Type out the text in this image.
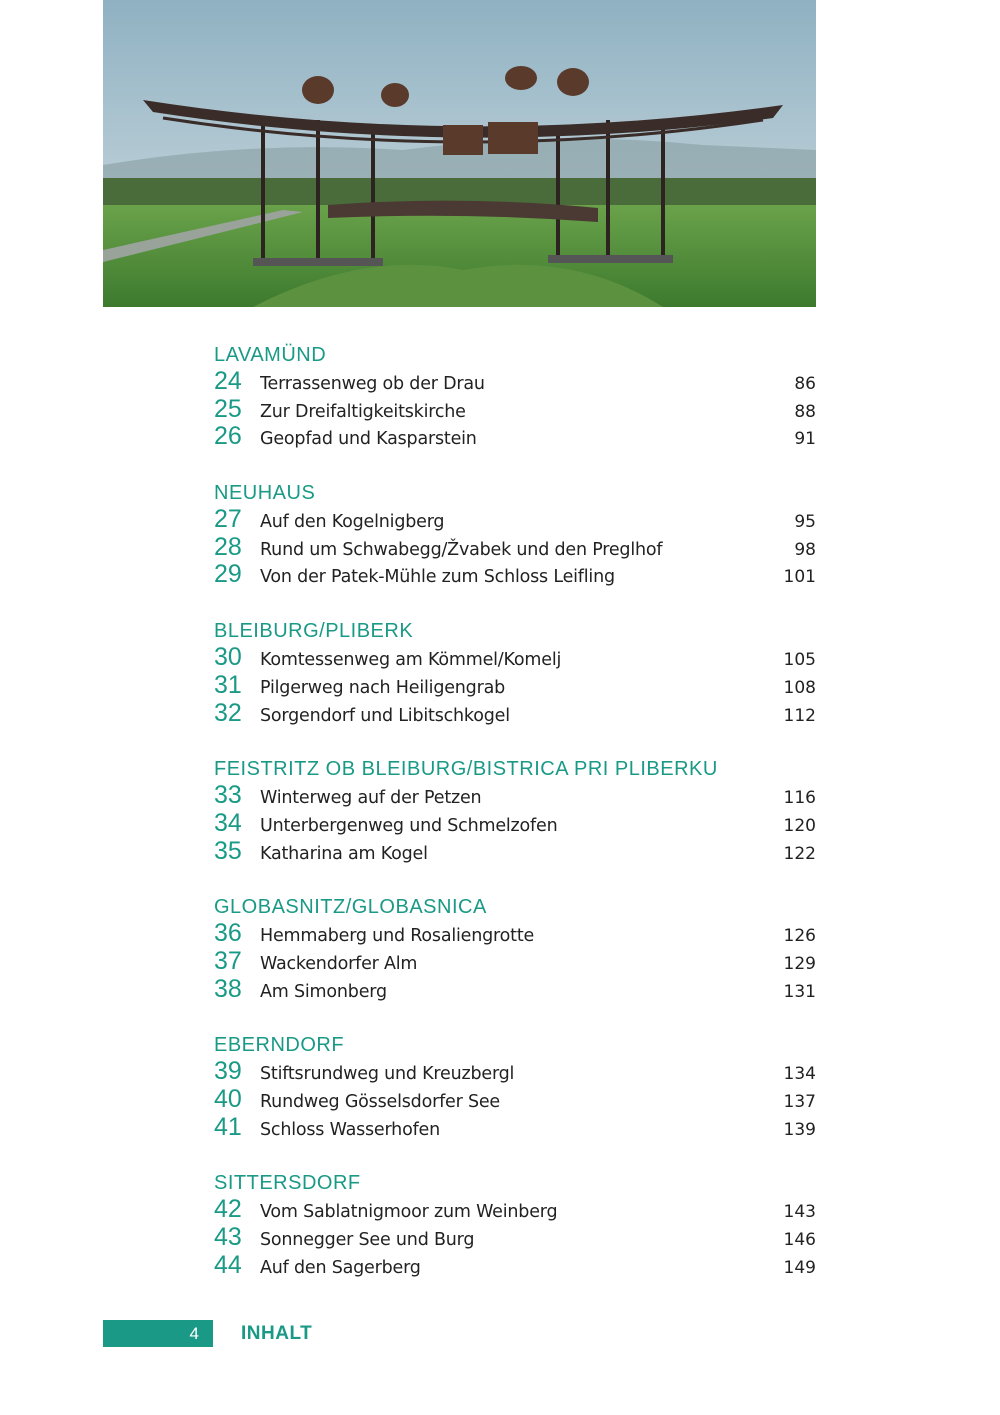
LAVAMÜND
24	Terrassenweg ob der Drau	86
25	Zur Dreifaltigkeitskirche	88
26	Geopfad und Kasparstein	91
NEUHAUS
27	Auf den Kogelnigberg	95
28	Rund um Schwabegg/Žvabek und den Preglhof	98
29	Von der Patek-Mühle zum Schloss Leifling	101
BLEIBURG/PLIBERK
30	Komtessenweg am Kömmel/Komelj	105
31	Pilgerweg nach Heiligengrab	108
32	Sorgendorf und Libitschkogel	112
FEISTRITZ OB BLEIBURG/BISTRICA PRI PLIBERKU
33	Winterweg auf der Petzen	116
34	Unterbergenweg und Schmelzofen	120
35	Katharina am Kogel	122
GLOBASNITZ/GLOBASNICA
36	Hemmaberg und Rosaliengrotte	126
37	Wackendorfer Alm	129
38	Am Simonberg	131
EBERNDORF
39	Stiftsrundweg und Kreuzbergl	134
40	Rundweg Gösselsdorfer See	137
41	Schloss Wasserhofen	139
SITTERSDORF
42	Vom Sablatnigmoor zum Weinberg	143
43	Sonnegger See und Burg	146
44	Auf den Sagerberg	149
4 INHALT
